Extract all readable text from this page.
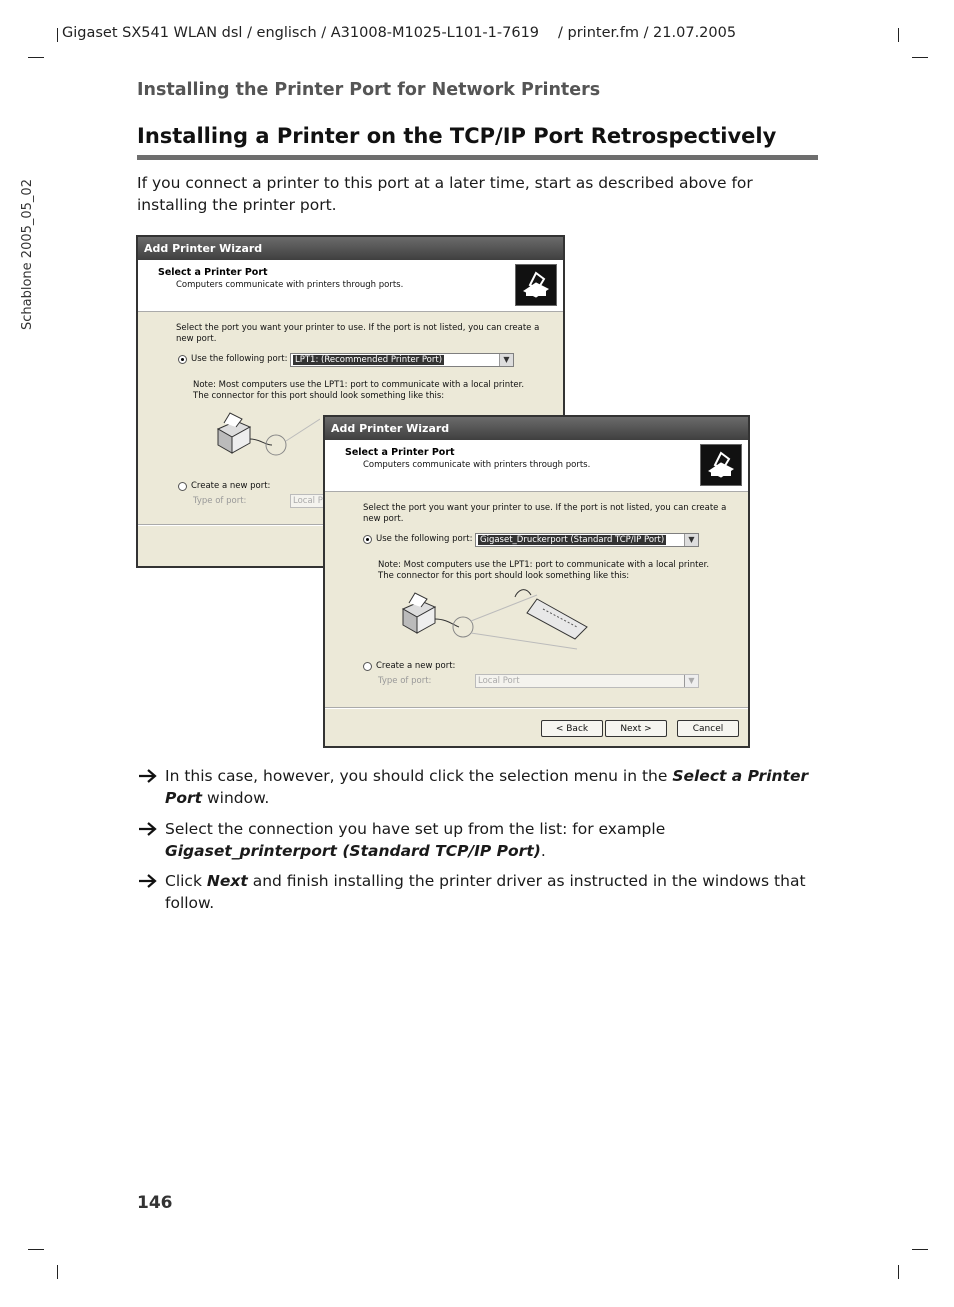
Gigaset SX541 WLAN dsl / englisch / A31008-M1025-L101-1-7619 / printer.fm / 21.07.2005
Schablone 2005_05_02
Installing the Printer Port for Network Printers
Installing a Printer on the TCP/IP Port Retrospectively
If you connect a printer to this port at a later time, start as described above for installing the printer port.
Add Printer Wizard
Select a Printer Port
Computers communicate with printers through ports.
Select the port you want your printer to use. If the port is not listed, you can create a
new port.
Use the following port: LPT1: (Recommended Printer Port)	▼
Note: Most computers use the LPT1: port to communicate with a local printer.
The connector for this port should look something like this:
Create a new port:
Type of port:	Local P
Add Printer Wizard
Select a Printer Port
Computers communicate with printers through ports.
Select the port you want your printer to use. If the port is not listed, you can create a
new port.
Use the following port: Gigaset_Druckerport (Standard TCP/IP Port)	▼
Note: Most computers use the LPT1: port to communicate with a local printer.
The connector for this port should look something like this:
Create a new port:
Type of port:	Local Port	▼
< Back	Next >	Cancel
In this case, however, you should click the selection menu in the Select a Printer Port window.
Select the connection you have set up from the list: for example Gigaset_printerport (Standard TCP/IP Port).
Click Next and finish installing the printer driver as instructed in the windows that follow.
146
